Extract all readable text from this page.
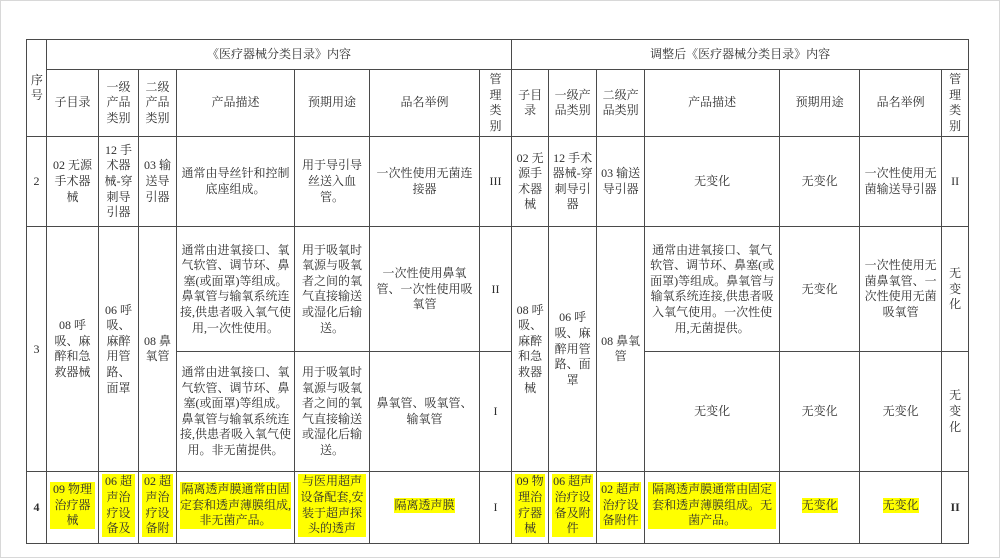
序号	《医疗器械分类目录》内容							调整后《医疗器械分类目录》内容						
	子目录	一级产品类别	二级产品类别	产品描述	预期用途	品名举例	管理类别	子目录	一级产品类别	二级产品类别	产品描述	预期用途	品名举例	管理类别
2	02 无源手术器械	12 手术器械-穿刺导引器	03 输送导引器	通常由导丝针和控制底座组成。	用于导引导丝送入血管。	一次性使用无菌连接器	III	02 无源手术器械	12 手术器械-穿刺导引器	03 输送导引器	无变化	无变化	一次性使用无菌输送导引器	II
3	08 呼吸、麻醉和急救器械	06 呼吸、麻醉用管路、面罩	08 鼻氧管	通常由进氧接口、氧气软管、调节环、鼻塞(或面罩)等组成。鼻氧管与输氧系统连接,供患者吸入氧气使用,一次性使用。	用于吸氧时氧源与吸氧者之间的氧气直接输送或湿化后输送。	一次性使用鼻氧管、一次性使用吸氧管	II	08 呼吸、麻醉和急救器械	06 呼吸、麻醉用管路、面罩	08 鼻氧管	通常由进氧接口、氧气软管、调节环、鼻塞(或面罩)等组成。鼻氧管与输氧系统连接,供患者吸入氧气使用。一次性使用,无菌提供。	无变化	一次性使用无菌鼻氧管、一次性使用无菌吸氧管	无变化
				通常由进氧接口、氧气软管、调节环、鼻塞(或面罩)等组成。鼻氧管与输氧系统连接,供患者吸入氧气使用。非无菌提供。	用于吸氧时氧源与吸氧者之间的氧气直接输送或湿化后输送。	鼻氧管、吸氧管、输氧管	I				无变化	无变化	无变化	无变化
4	09 物理治疗器械	06 超声治疗设备及	02 超声治疗设备附	隔离透声膜通常由固定套和透声薄膜组成,非无菌产品。	与医用超声设备配套,安装于超声探头的透声	隔离透声膜	I	09 物理治疗器械	06 超声治疗设备及附件	02 超声治疗设备附件	隔离透声膜通常由固定套和透声薄膜组成。无菌产品。	无变化	无变化	II
